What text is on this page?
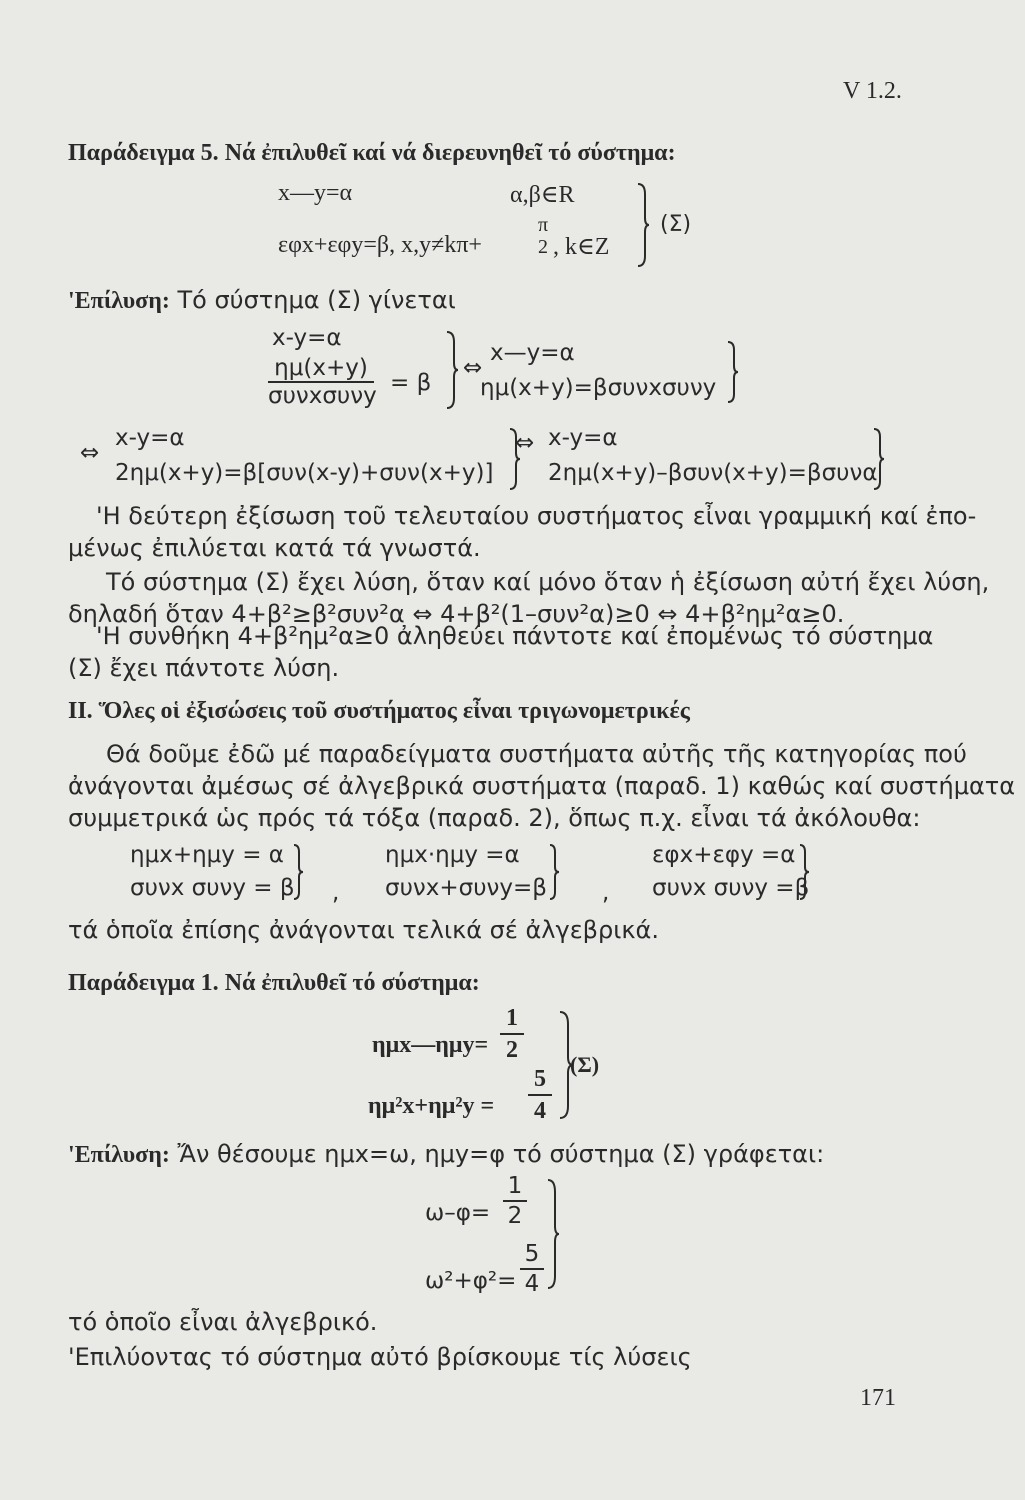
V 1.2.
Παράδειγμα 5. Νά ἐπιλυθεῖ καί νά διερευνηθεῖ τό σύστημα:
x—y=α	α,β∈R
εφx+εφy=β, x,y≠kπ+
π
2 , k∈Z
(Σ)
'Επίλυση: Τό σύστημα (Σ) γίνεται
x-y=α
ημ(x+y)
συνxσυνy = β
⇔
x—y=α
ημ(x+y)=βσυνxσυνy
⇔
x-y=α
2ημ(x+y)=β[συν(x-y)+συν(x+y)]
⇔ x-y=α
2ημ(x+y)–βσυν(x+y)=βσυνα
'Η δεύτερη ἐξίσωση τοῦ τελευταίου συστήματος εἶναι γραμμική καί ἐπο-
μένως ἐπιλύεται κατά τά γνωστά.
Τό σύστημα (Σ) ἔχει λύση, ὅταν καί μόνο ὅταν ἡ ἐξίσωση αὐτή ἔχει λύση,
δηλαδή ὅταν 4+β²≥β²συν²α ⇔ 4+β²(1–συν²α)≥0 ⇔ 4+β²ημ²α≥0.
'Η συνθήκη 4+β²ημ²α≥0 ἀληθεύει πάντοτε καί ἐπομένως τό σύστημα
(Σ) ἔχει πάντοτε λύση.
II. Ὅλες οἱ ἐξισώσεις τοῦ συστήματος εἶναι τριγωνομετρικές
Θά δοῦμε ἐδῶ μέ παραδείγματα συστήματα αὐτῆς τῆς κατηγορίας πού
ἀνάγονται ἀμέσως σέ ἀλγεβρικά συστήματα (παραδ. 1) καθώς καί συστήματα
συμμετρικά ὡς πρός τά τόξα (παραδ. 2), ὅπως π.χ. εἶναι τά ἀκόλουθα:
ημx+ημy = α
συνx συνy = β ,
ημx·ημy =α
συνx+συνy=β ,
εφx+εφy =α
συνx συνy =β
τά ὁποῖα ἐπίσης ἀνάγονται τελικά σέ ἀλγεβρικά.
Παράδειγμα 1. Νά ἐπιλυθεῖ τό σύστημα:
ημx—ημy= $\frac{1}{2}$
$\eta\mu^2x+\eta\mu^2y = \frac{5}{4} (\Sigma)$
'Επίλυση: Ἄν θέσουμε ημx=ω, ημy=φ τό σύστημα (Σ) γράφεται:
$\omega-\varphi= \frac{1}{2}$
$\omega^2+\varphi^2= \frac{5}{4}$
τό ὁποῖο εἶναι ἀλγεβρικό.
'Επιλύοντας τό σύστημα αὐτό βρίσκουμε τίς λύσεις
171
